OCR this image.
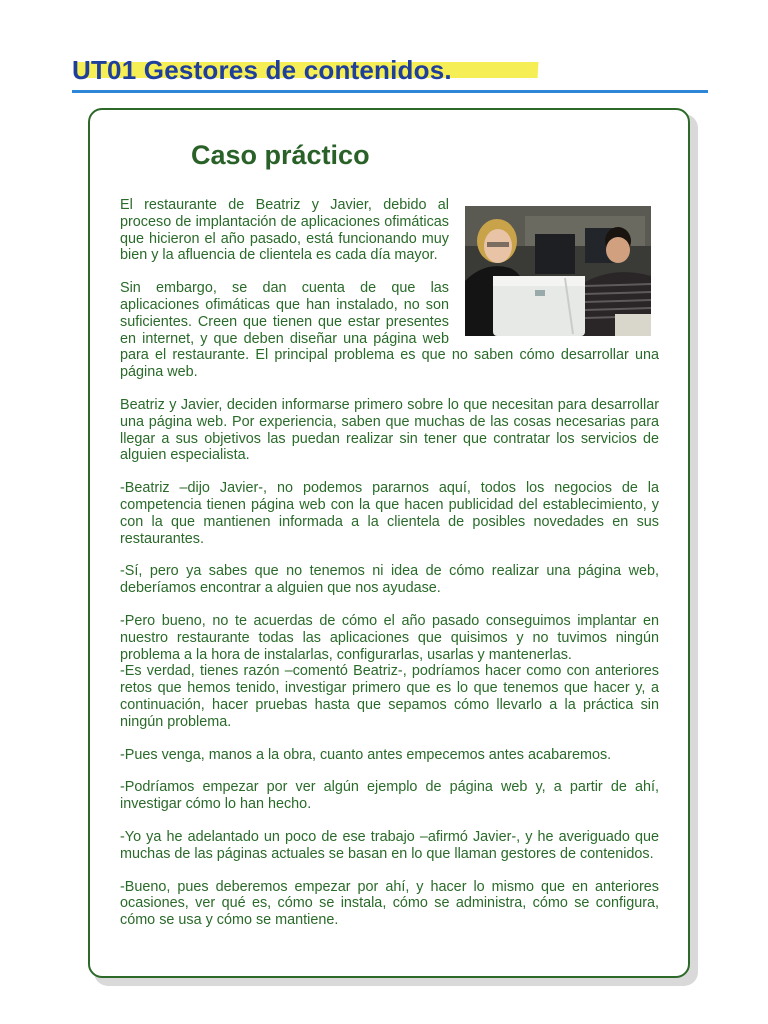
UT01 Gestores de contenidos.
Caso práctico

El restaurante de Beatriz y Javier, debido al proceso de implantación de aplicaciones ofimáticas que hicieron el año pasado, está funcionando muy bien y la afluencia de clientela es cada día mayor.

Sin embargo, se dan cuenta de que las aplicaciones ofimáticas que han instalado, no son suficientes. Creen que tienen que estar presentes en internet, y que deben diseñar una página web para el restaurante. El principal problema es que no saben cómo desarrollar una página web.

Beatriz y Javier, deciden informarse primero sobre lo que necesitan para desarrollar una página web. Por experiencia, saben que muchas de las cosas necesarias para llegar a sus objetivos las puedan realizar sin tener que contratar los servicios de alguien especialista.

-Beatriz –dijo Javier-, no podemos pararnos aquí, todos los negocios de la competencia tienen página web con la que hacen publicidad del establecimiento, y con la que mantienen informada a la clientela de posibles novedades en sus restaurantes.

-Sí, pero ya sabes que no tenemos ni idea de cómo realizar una página web, deberíamos encontrar a alguien que nos ayudase.

-Pero bueno, no te acuerdas de cómo el año pasado conseguimos implantar en nuestro restaurante todas las aplicaciones que quisimos y no tuvimos ningún problema a la hora de instalarlas, configurarlas, usarlas y mantenerlas.

-Es verdad, tienes razón –comentó Beatriz-, podríamos hacer como con anteriores retos que hemos tenido, investigar primero que es lo que tenemos que hacer y, a continuación, hacer pruebas hasta que sepamos cómo llevarlo a la práctica sin ningún problema.

-Pues venga, manos a la obra, cuanto antes empecemos antes acabaremos.

-Podríamos empezar por ver algún ejemplo de página web y, a partir de ahí, investigar cómo lo han hecho.

-Yo ya he adelantado un poco de ese trabajo –afirmó Javier-, y he averiguado que muchas de las páginas actuales se basan en lo que llaman gestores de contenidos.

-Bueno, pues deberemos empezar por ahí, y hacer lo mismo que en anteriores ocasiones, ver qué es, cómo se instala, cómo se administra, cómo se configura, cómo se usa y cómo se mantiene.
